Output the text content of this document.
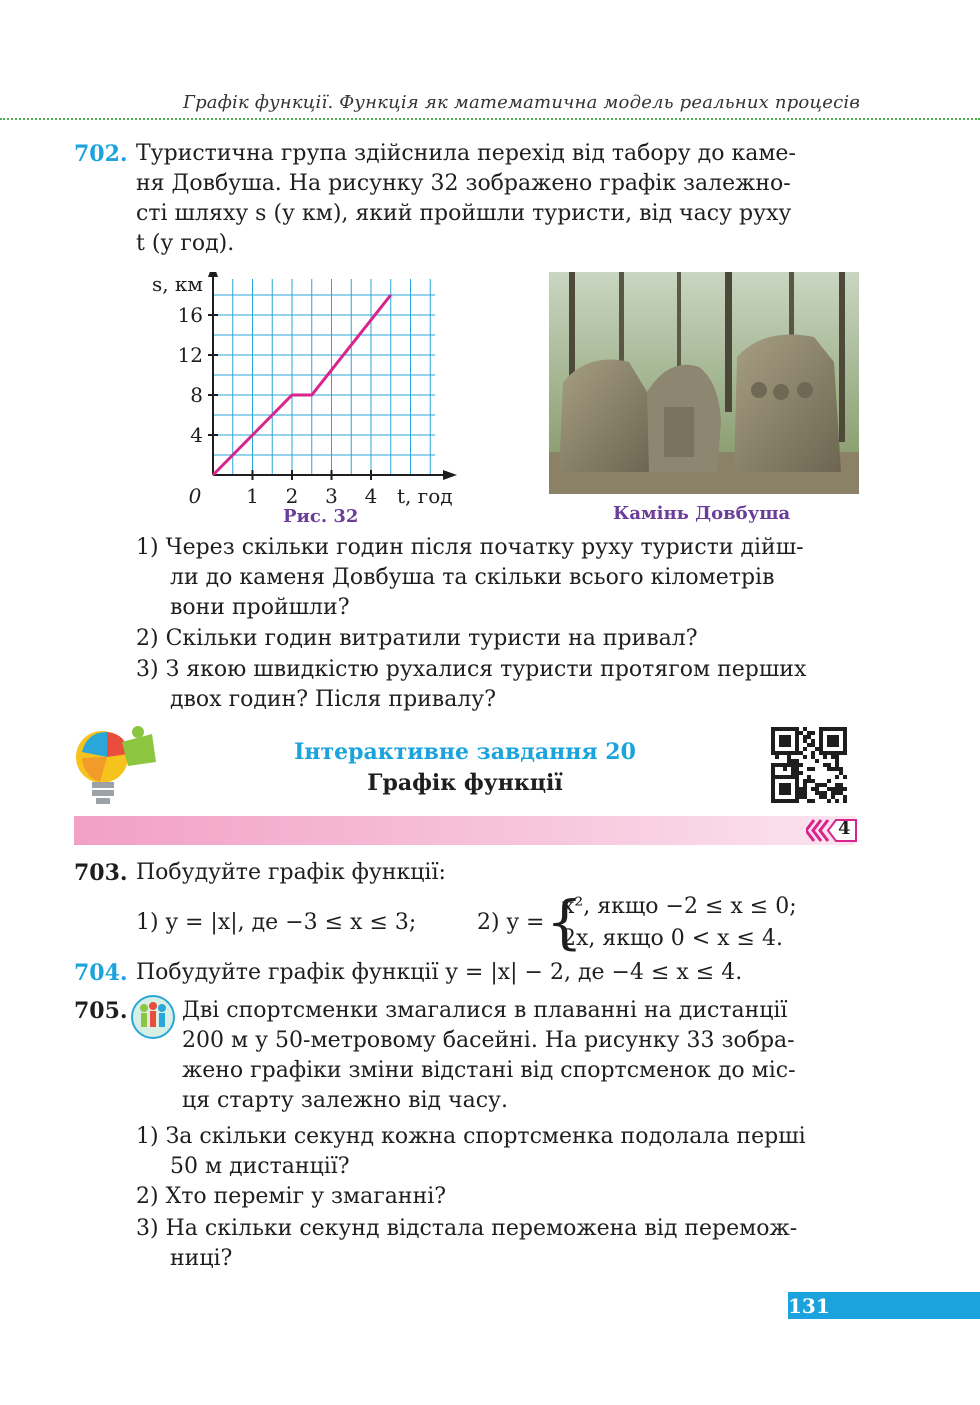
Графік функції. Функція як математична модель реальних процесів
702. Туристична група здійснила перехід від табору до каме-
ня Довбуша. На рисунку 32 зображено графік залежно-
сті шляху s (у км), який пройшли туристи, від часу руху
t (у год).
1 2 3 4
4
8
12
16
0	t, год
s, км
Рис. 32	Камінь Довбуша
1) Через скільки годин після початку руху туристи дійш-
ли до каменя Довбуша та скільки всього кілометрів
вони пройшли?
2) Скільки годин витратили туристи на привал?
3) З якою швидкістю рухалися туристи протягом перших
двох годин? Після привалу?
Інтерактивне завдання 20
Графік функції
4
703. Побудуйте графік функції:
1) y = |x|, де −3 ≤ x ≤ 3;	2) y = {
x², якщо −2 ≤ x ≤ 0;
2x, якщо 0 < x ≤ 4.
704. Побудуйте графік функції y = |x| − 2, де −4 ≤ x ≤ 4.
705. Дві спортсменки змагалися в плаванні на дистанції
200 м у 50-метровому басейні. На рисунку 33 зобра-
жено графіки зміни відстані від спортсменок до міс-
ця старту залежно від часу.
1) За скільки секунд кожна спортсменка подолала перші
50 м дистанції?
2) Хто переміг у змаганні?
3) На скільки секунд відстала переможена від перемож-
ниці?
131
